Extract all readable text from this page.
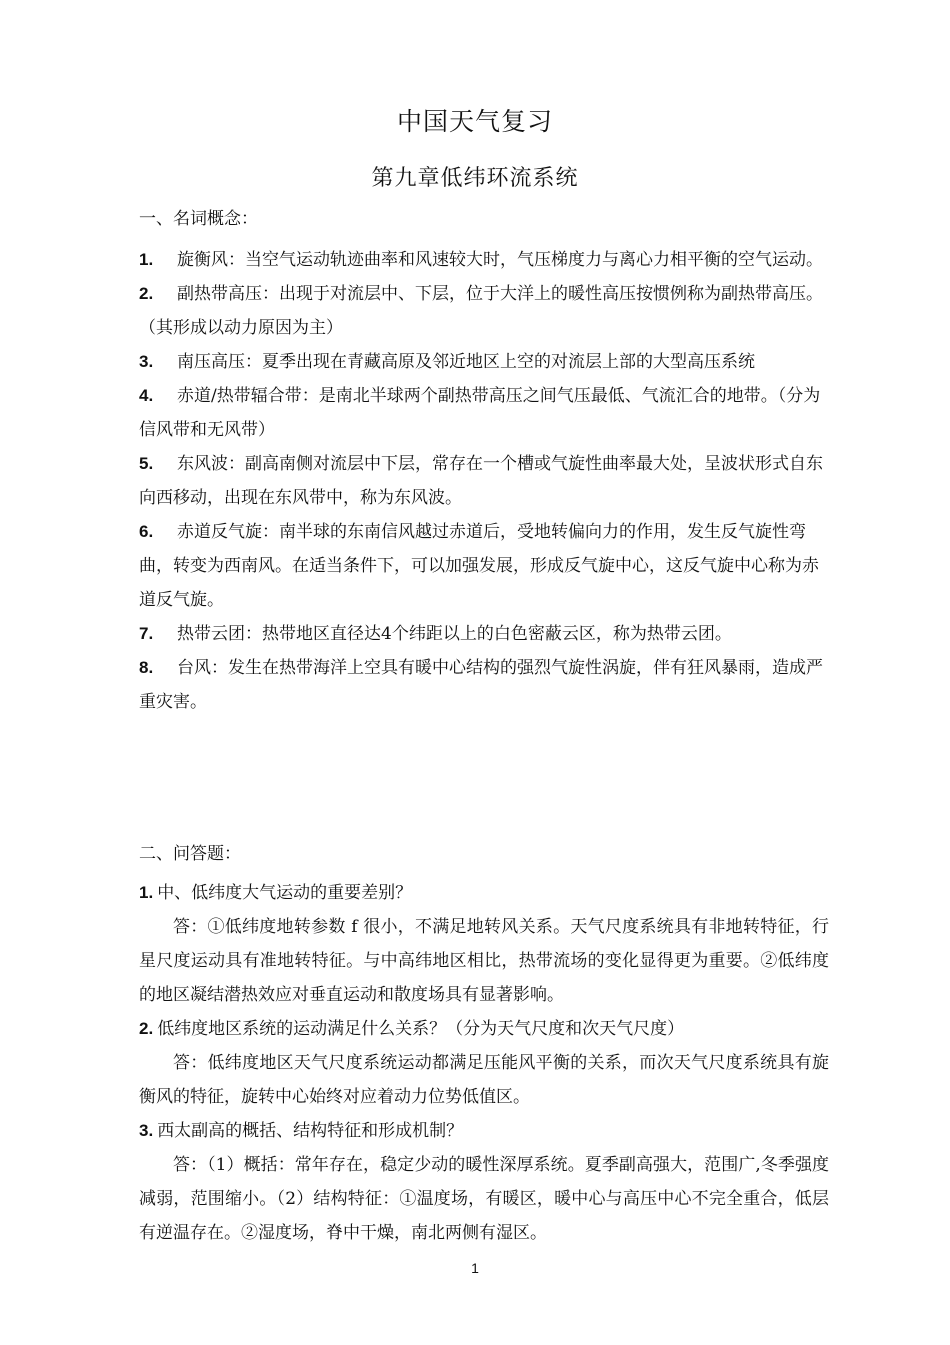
中国天气复习
第九章低纬环流系统
一、名词概念：
1. 旋衡风：当空气运动轨迹曲率和风速较大时，气压梯度力与离心力相平衡的空气运动。
2. 副热带高压：出现于对流层中、下层，位于大洋上的暖性高压按惯例称为副热带高压。（其形成以动力原因为主）
3. 南压高压：夏季出现在青藏高原及邻近地区上空的对流层上部的大型高压系统
4. 赤道/热带辐合带：是南北半球两个副热带高压之间气压最低、气流汇合的地带。（分为信风带和无风带）
5. 东风波：副高南侧对流层中下层，常存在一个槽或气旋性曲率最大处，呈波状形式自东向西移动，出现在东风带中，称为东风波。
6. 赤道反气旋：南半球的东南信风越过赤道后，受地转偏向力的作用，发生反气旋性弯曲，转变为西南风。在适当条件下，可以加强发展，形成反气旋中心，这反气旋中心称为赤道反气旋。
7. 热带云团：热带地区直径达4个纬距以上的白色密蔽云区，称为热带云团。
8. 台风：发生在热带海洋上空具有暖中心结构的强烈气旋性涡旋，伴有狂风暴雨，造成严重灾害。
二、问答题：
1. 中、低纬度大气运动的重要差别？
答：①低纬度地转参数 f 很小，不满足地转风关系。天气尺度系统具有非地转特征，行星尺度运动具有准地转特征。与中高纬地区相比，热带流场的变化显得更为重要。②低纬度的地区凝结潜热效应对垂直运动和散度场具有显著影响。
2. 低纬度地区系统的运动满足什么关系？（分为天气尺度和次天气尺度）
答：低纬度地区天气尺度系统运动都满足压能风平衡的关系，而次天气尺度系统具有旋衡风的特征，旋转中心始终对应着动力位势低值区。
3. 西太副高的概括、结构特征和形成机制？
答：（1）概括：常年存在，稳定少动的暖性深厚系统。夏季副高强大，范围广,冬季强度减弱，范围缩小。（2）结构特征：①温度场，有暖区，暖中心与高压中心不完全重合，低层有逆温存在。②湿度场，脊中干燥，南北两侧有湿区。
1
